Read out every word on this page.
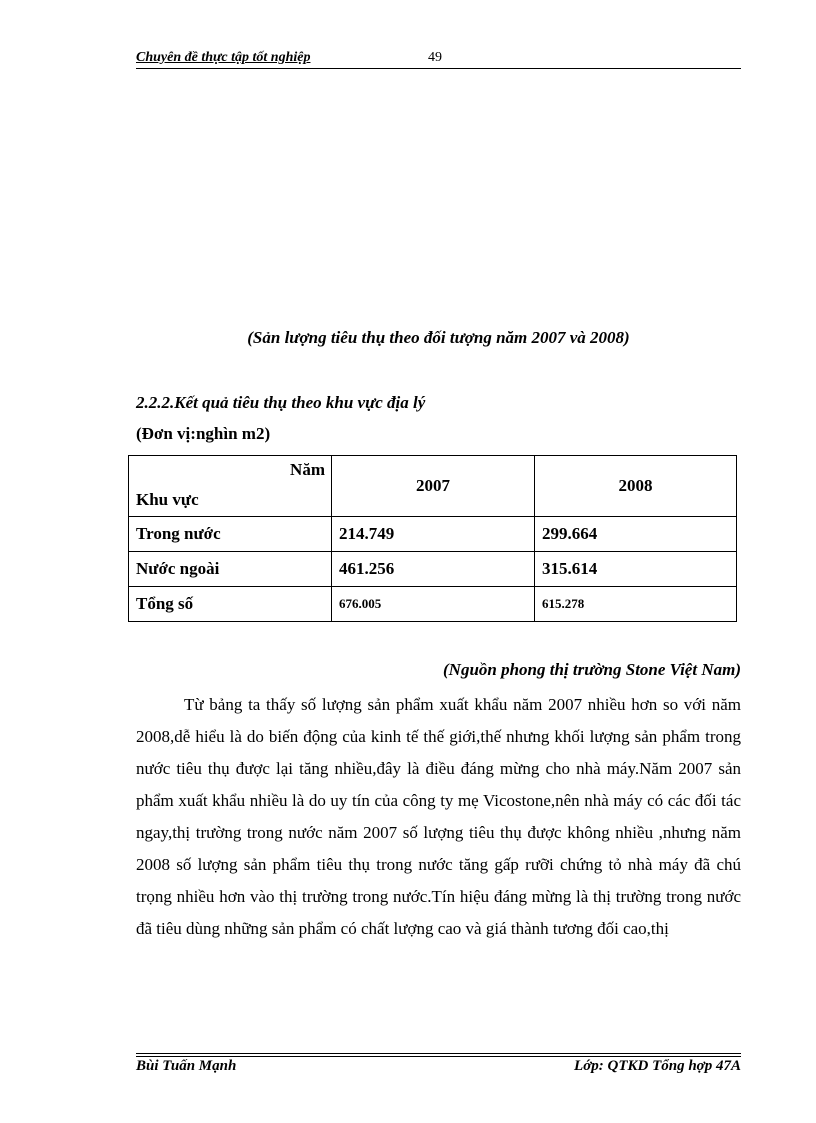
Chuyên đề thực tập tốt nghiệp	49
(Sản lượng tiêu thụ theo đối tượng năm 2007 và 2008)
2.2.2.Kết quả tiêu thụ theo khu vực địa lý
(Đơn vị:nghìn m2)
Năm
Khu vực	2007	2008
Trong nước	214.749	299.664
Nước ngoài	461.256	315.614
Tổng số	676.005	615.278
(Nguồn phong thị trường Stone Việt Nam)

Từ bảng ta thấy số lượng sản phẩm xuất khẩu năm 2007 nhiều hơn so với năm 2008,dễ hiểu là do biến động của kinh tế thế giới,thế nhưng khối lượng sản phẩm trong nước tiêu thụ được lại tăng nhiều,đây là điều đáng mừng cho nhà máy.Năm 2007 sản phẩm xuất khẩu nhiều là do uy tín của công ty mẹ Vicostone,nên nhà máy có các đối tác ngay,thị trường trong nước năm 2007 số lượng tiêu thụ được không nhiều ,nhưng năm 2008 số lượng sản phẩm tiêu thụ trong nước tăng gấp rưỡi chứng tỏ nhà máy đã chú trọng nhiều hơn vào thị trường trong nước.Tín hiệu đáng mừng là thị trường trong nước đã tiêu dùng những sản phẩm có chất lượng cao và giá thành tương đối cao,thị

Bùi Tuấn Mạnh	Lớp: QTKD Tổng hợp 47A
